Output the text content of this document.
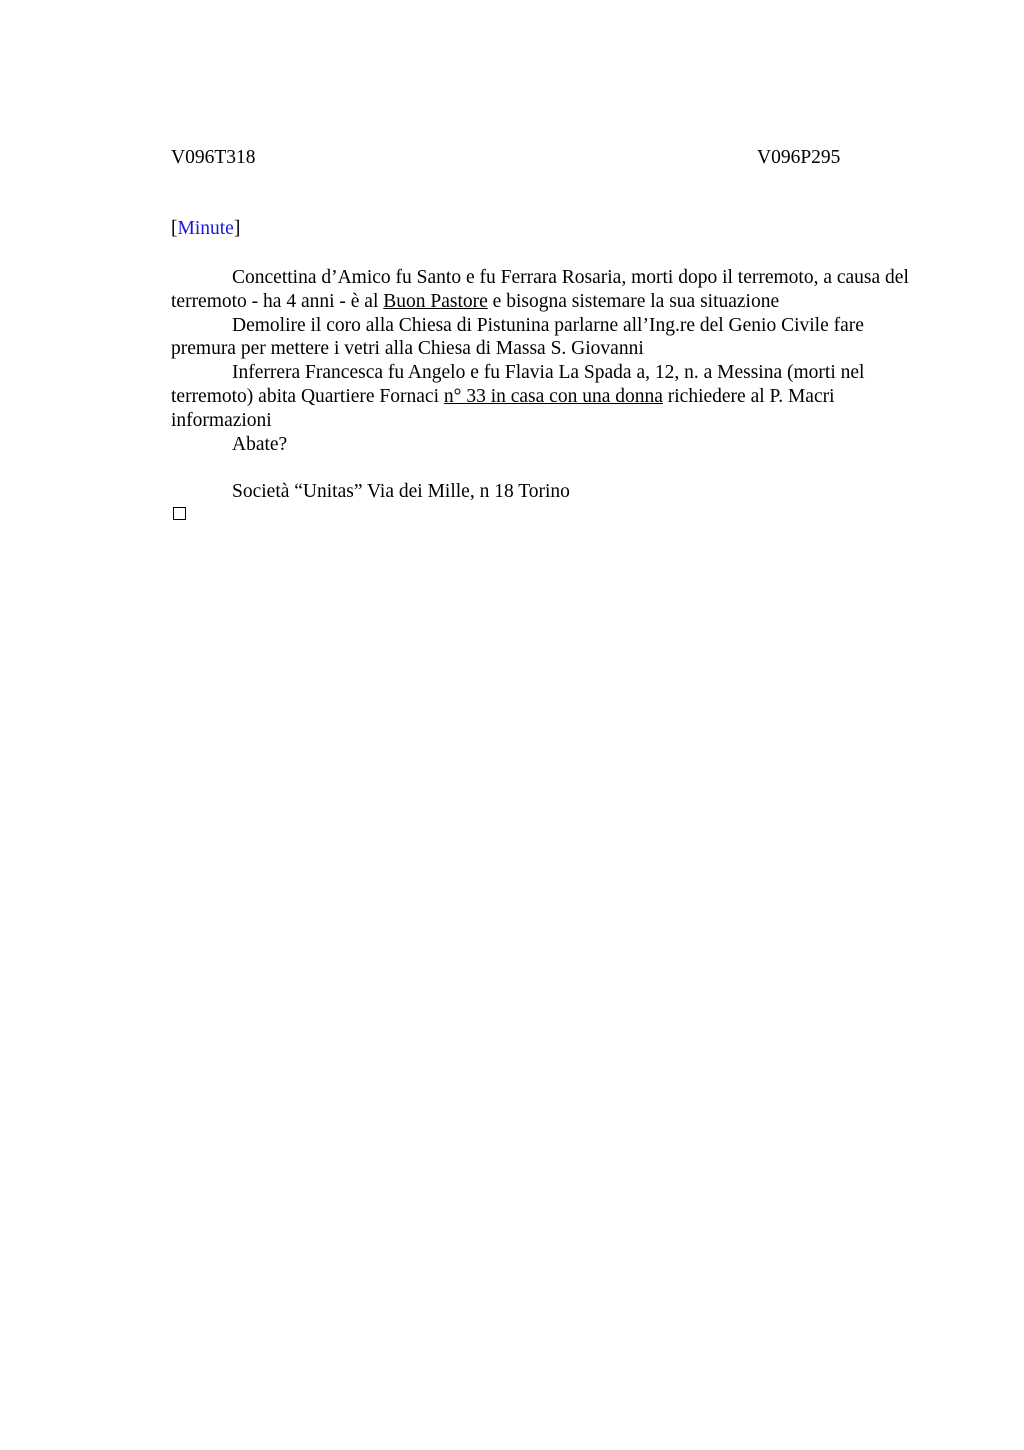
V096T318	V096P295
[Minute]

Concettina d’Amico fu Santo e fu Ferrara Rosaria, morti dopo il terremoto, a causa del terremoto - ha 4 anni - è al Buon Pastore e bisogna sistemare la sua situazione

Demolire il coro alla Chiesa di Pistunina parlarne all’Ing.re del Genio Civile fare premura per mettere i vetri alla Chiesa di Massa S. Giovanni

Inferrera Francesca fu Angelo e fu Flavia La Spada a, 12, n. a Messina (morti nel terremoto) abita Quartiere Fornaci n° 33 in casa con una donna richiedere al P. Macri informazioni

Abate?

Società “Unitas” Via dei Mille, n 18 Torino
